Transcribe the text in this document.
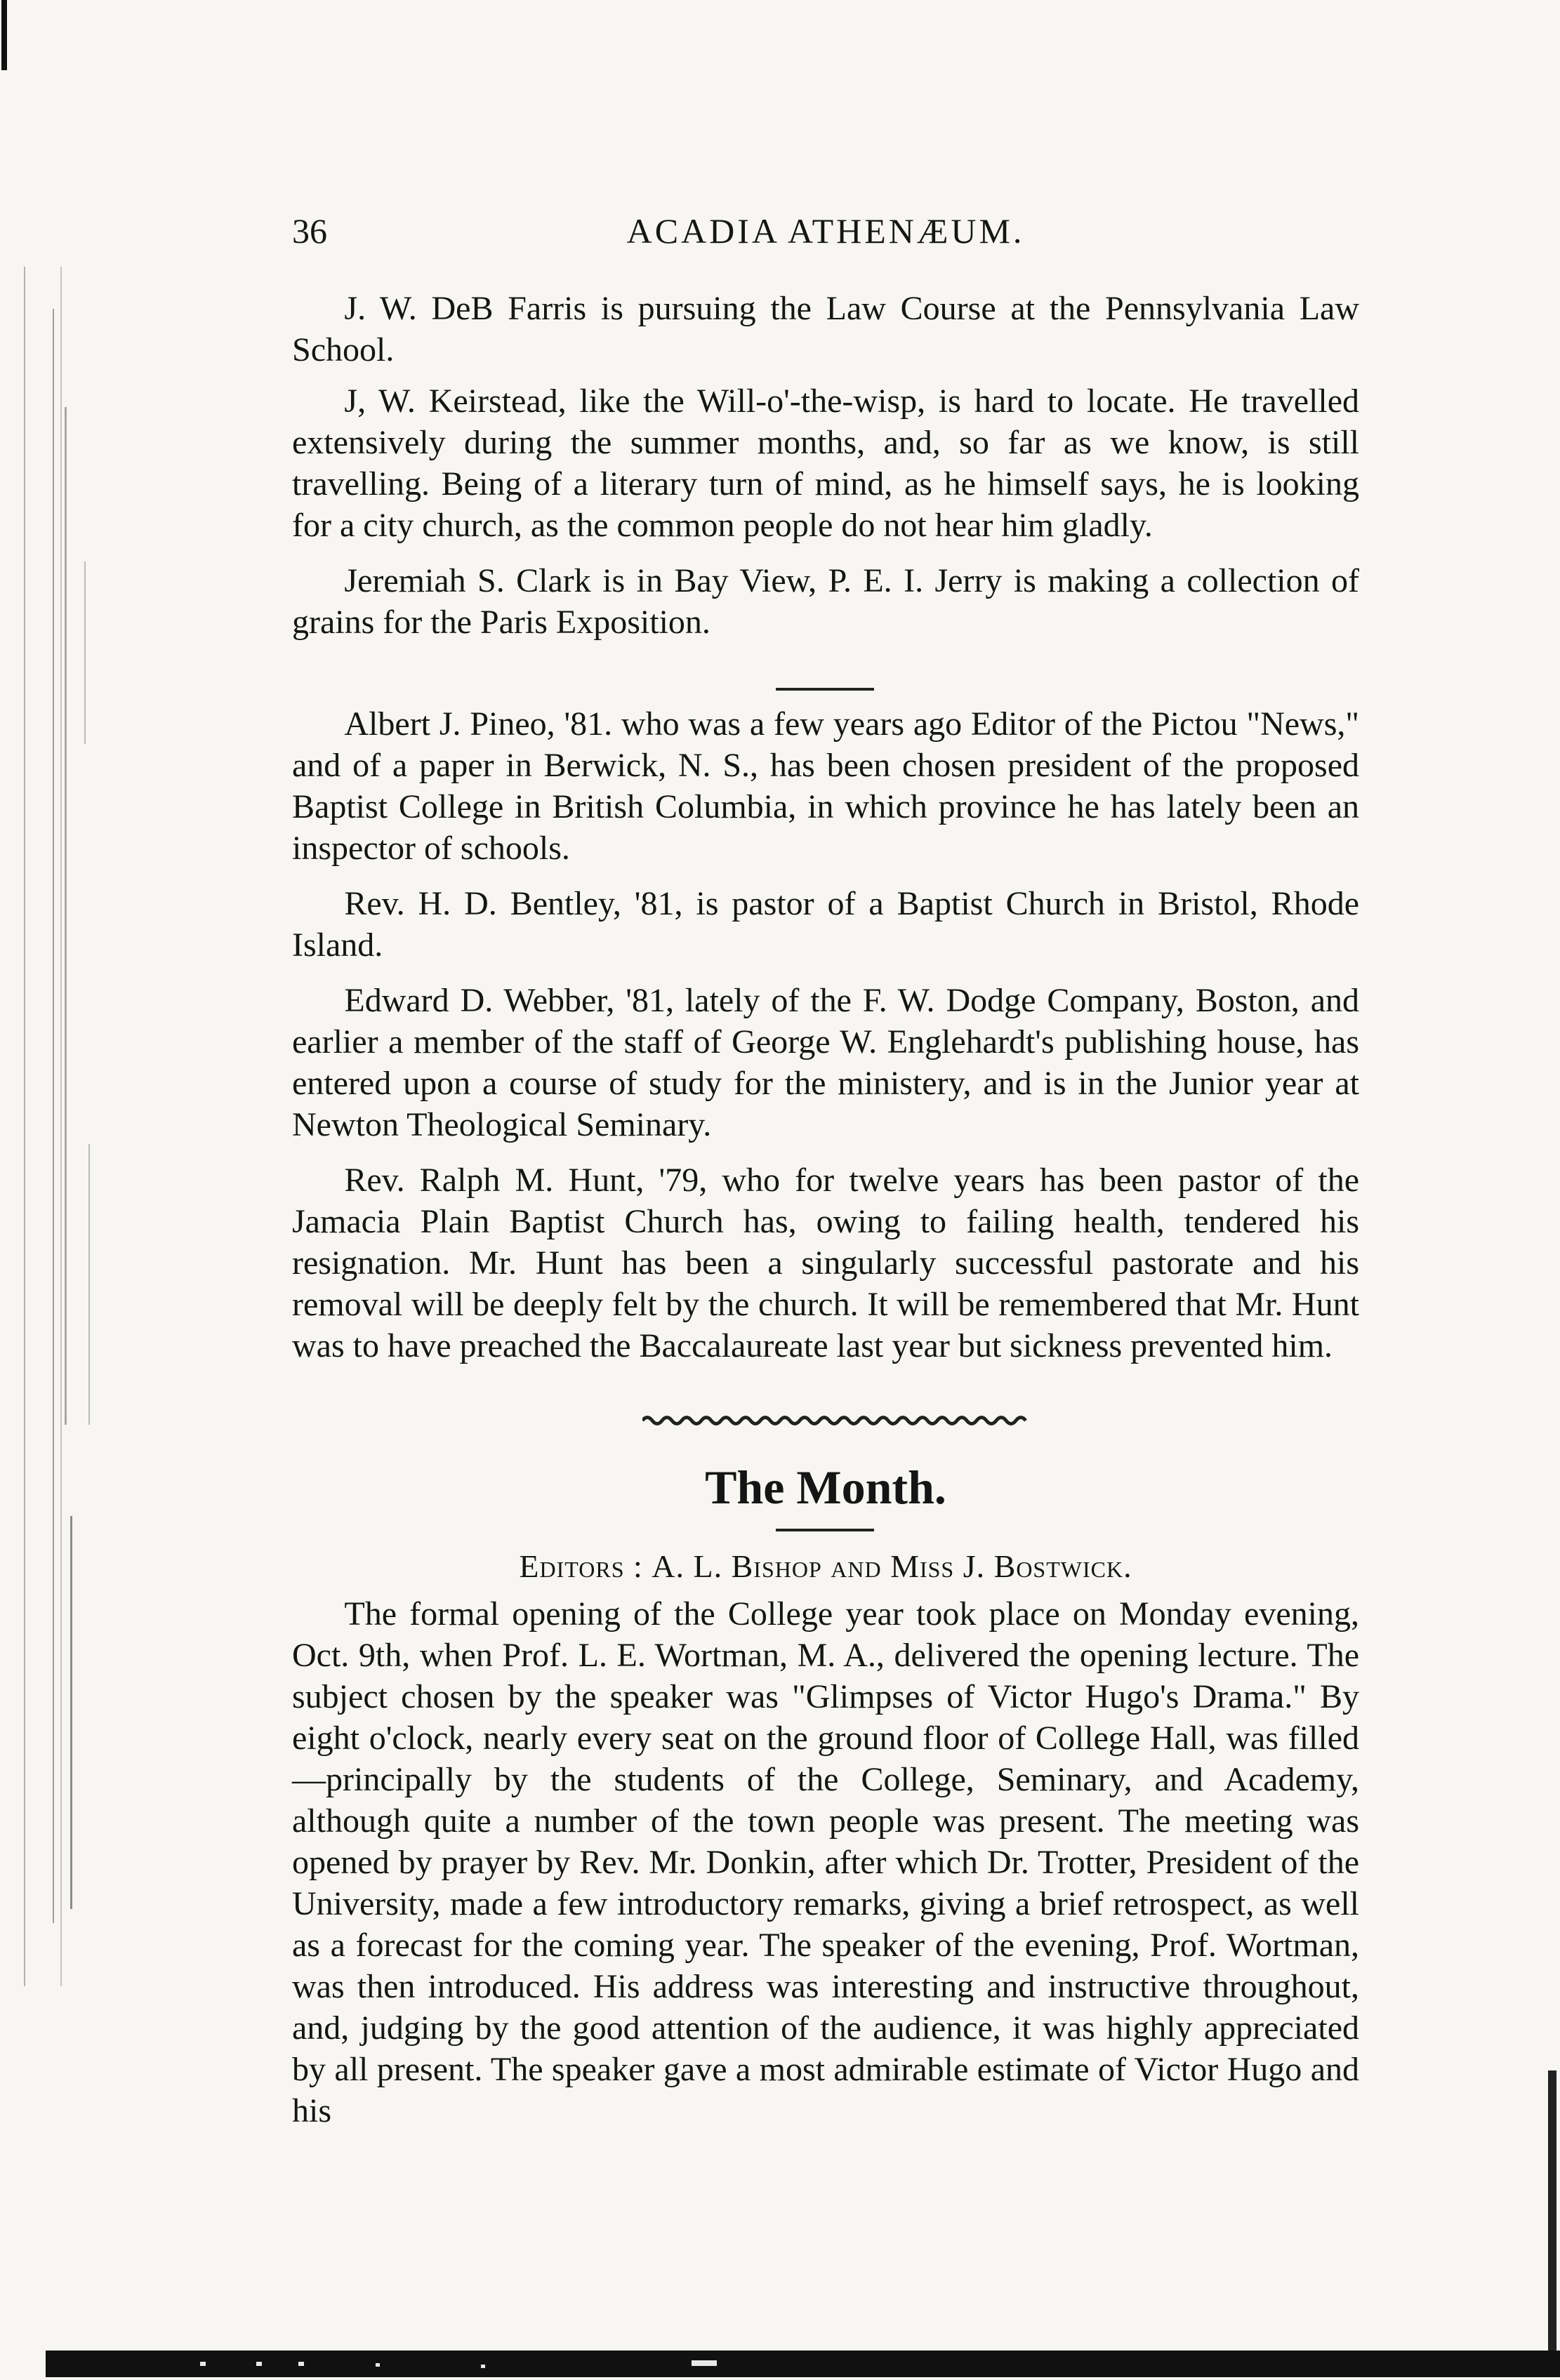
36	ACADIA ATHENÆUM.

J. W. DeB Farris is pursuing the Law Course at the Pennsylvania Law School.

J, W. Keirstead, like the Will-o'-the-wisp, is hard to locate. He travelled extensively during the summer months, and, so far as we know, is still travelling. Being of a literary turn of mind, as he himself says, he is looking for a city church, as the common people do not hear him gladly.

Jeremiah S. Clark is in Bay View, P. E. I. Jerry is making a collection of grains for the Paris Exposition.

Albert J. Pineo, '81. who was a few years ago Editor of the Pictou "News," and of a paper in Berwick, N. S., has been chosen president of the proposed Baptist College in British Columbia, in which province he has lately been an inspector of schools.

Rev. H. D. Bentley, '81, is pastor of a Baptist Church in Bristol, Rhode Island.

Edward D. Webber, '81, lately of the F. W. Dodge Company, Boston, and earlier a member of the staff of George W. Englehardt's publishing house, has entered upon a course of study for the ministery, and is in the Junior year at Newton Theological Seminary.

Rev. Ralph M. Hunt, '79, who for twelve years has been pastor of the Jamacia Plain Baptist Church has, owing to failing health, tendered his resignation. Mr. Hunt has been a singularly successful pastorate and his removal will be deeply felt by the church. It will be remembered that Mr. Hunt was to have preached the Baccalaureate last year but sickness prevented him.

The Month.
Editors : A. L. Bishop and Miss J. Bostwick.

The formal opening of the College year took place on Monday evening, Oct. 9th, when Prof. L. E. Wortman, M. A., delivered the opening lecture. The subject chosen by the speaker was "Glimpses of Victor Hugo's Drama." By eight o'clock, nearly every seat on the ground floor of College Hall, was filled—principally by the students of the College, Seminary, and Academy, although quite a number of the town people was present. The meeting was opened by prayer by Rev. Mr. Donkin, after which Dr. Trotter, President of the University, made a few introductory remarks, giving a brief retrospect, as well as a forecast for the coming year. The speaker of the evening, Prof. Wortman, was then introduced. His address was interesting and instructive throughout, and, judging by the good attention of the audience, it was highly appreciated by all present. The speaker gave a most admirable estimate of Victor Hugo and his
